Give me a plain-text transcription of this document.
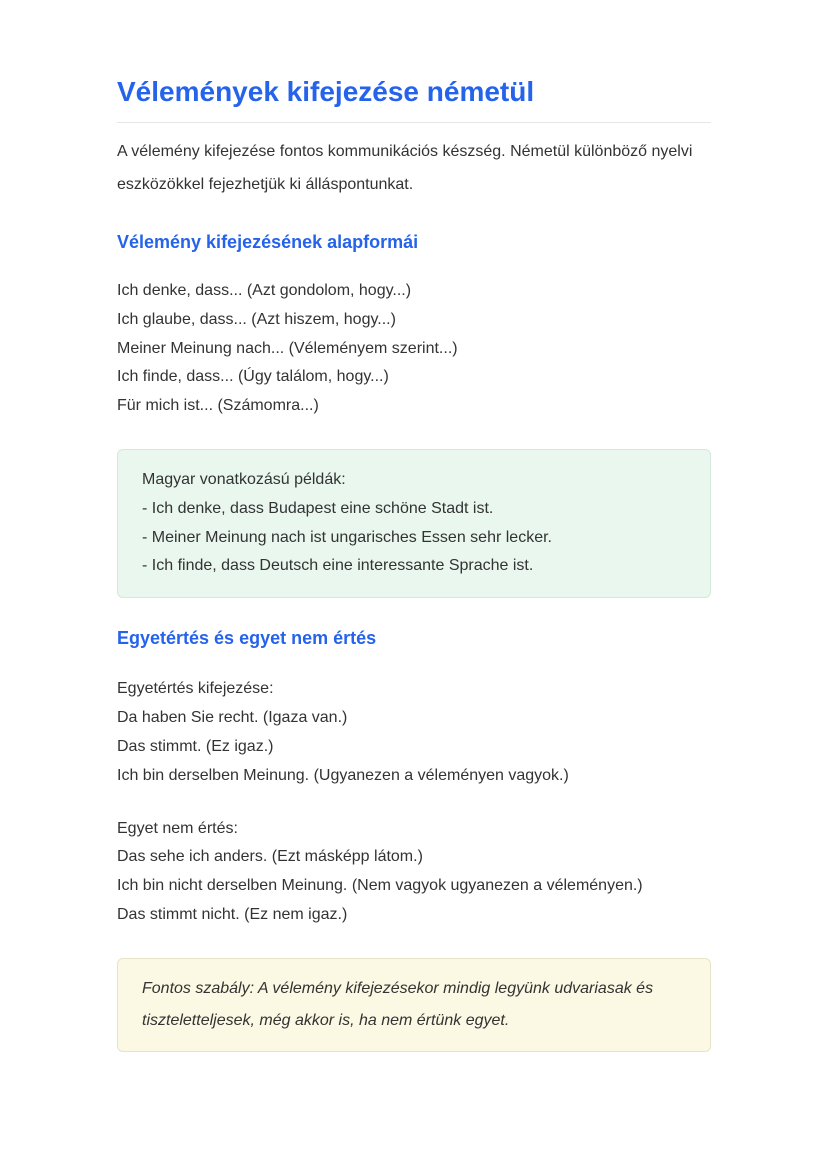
Vélemények kifejezése németül

A vélemény kifejezése fontos kommunikációs készség. Németül különböző nyelvi eszközökkel fejezhetjük ki álláspontunkat.

Vélemény kifejezésének alapformái
Ich denke, dass... (Azt gondolom, hogy...)
Ich glaube, dass... (Azt hiszem, hogy...)
Meiner Meinung nach... (Véleményem szerint...)
Ich finde, dass... (Úgy találom, hogy...)
Für mich ist... (Számomra...)
Magyar vonatkozású példák:
- Ich denke, dass Budapest eine schöne Stadt ist.
- Meiner Meinung nach ist ungarisches Essen sehr lecker.
- Ich finde, dass Deutsch eine interessante Sprache ist.
Egyetértés és egyet nem értés
Egyetértés kifejezése:
Da haben Sie recht. (Igaza van.)
Das stimmt. (Ez igaz.)
Ich bin derselben Meinung. (Ugyanezen a véleményen vagyok.)
Egyet nem értés:
Das sehe ich anders. (Ezt másképp látom.)
Ich bin nicht derselben Meinung. (Nem vagyok ugyanezen a véleményen.)
Das stimmt nicht. (Ez nem igaz.)
Fontos szabály: A vélemény kifejezésekor mindig legyünk udvariasak és tiszteletteljesek, még akkor is, ha nem értünk egyet.
